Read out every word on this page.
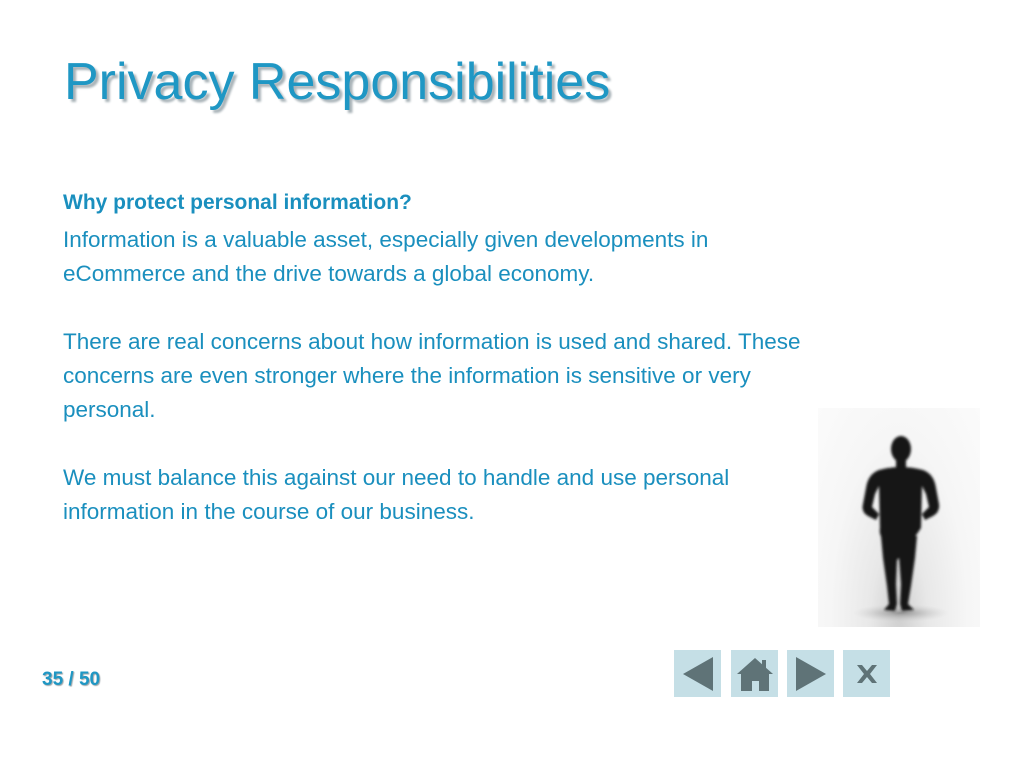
Privacy Responsibilities

Why protect personal information?

Information is a valuable asset, especially given developments in eCommerce and the drive towards a global economy.

There are real concerns about how information is used and shared. These concerns are even stronger where the information is sensitive or very personal.

We must balance this against our need to handle and use personal information in the course of our business.

35 / 50
